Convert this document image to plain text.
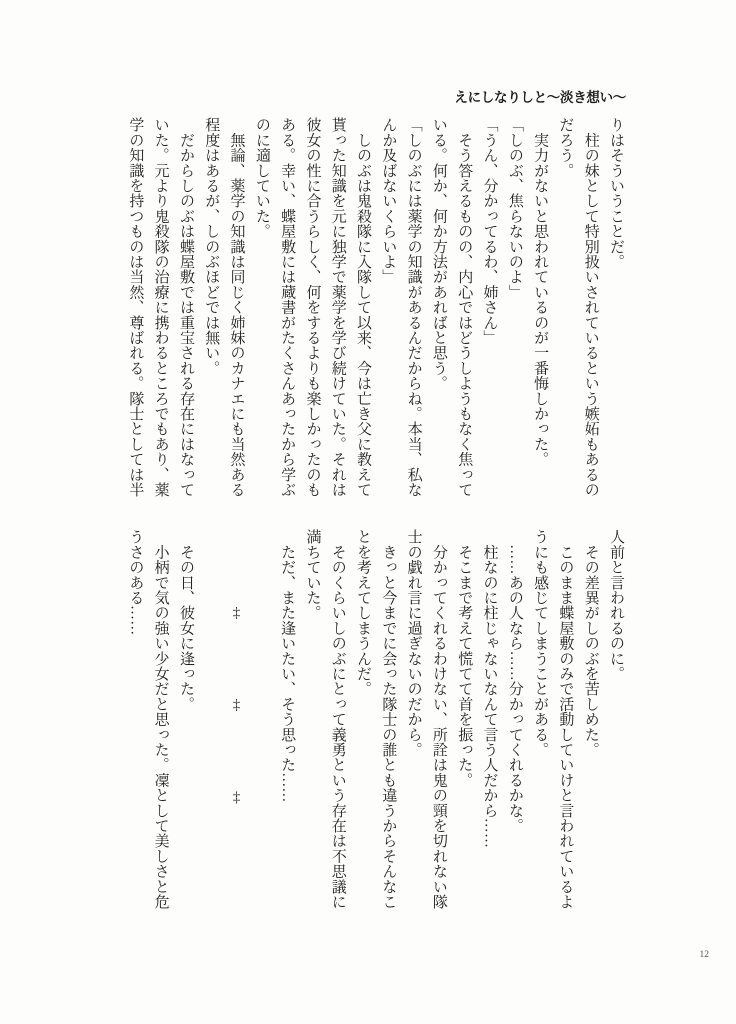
えにしなりしと～淡き想い～

りはそういうことだ。

　柱の妹として特別扱いされているという嫉妬もあるの

だろう。

　実力がないと思われているのが一番悔しかった。

「しのぶ、焦らないのよ」

「うん、分かってるわ、姉さん」

　そう答えるものの、内心ではどうしようもなく焦って

いる。何か、何か方法があればと思う。

「しのぶには薬学の知識があるんだからね。本当、私な

んか及ばないくらいよ」

　しのぶは鬼殺隊に入隊して以来、今は亡き父に教えて

貰った知識を元に独学で薬学を学び続けていた。それは

彼女の性に合うらしく、何をするよりも楽しかったのも

ある。幸い、蝶屋敷には蔵書がたくさんあったから学ぶ

のに適していた。

　無論、薬学の知識は同じく姉妹のカナエにも当然ある

程度はあるが、しのぶほどでは無い。

　だからしのぶは蝶屋敷では重宝される存在にはなって

いた。元より鬼殺隊の治療に携わるところでもあり、薬

学の知識を持つものは当然、尊ばれる。隊士としては半

人前と言われるのに。

　その差異がしのぶを苦しめた。

　このまま蝶屋敷のみで活動していけと言われているよ

うにも感じてしまうことがある。

　……あの人なら……分かってくれるかな。

　柱なのに柱じゃないなんて言う人だから……

　そこまで考えて慌てて首を振った。

　分かってくれるわけない、所詮は鬼の頸を切れない隊

士の戯れ言に過ぎないのだから。

　きっと今までに会った隊士の誰とも違うからそんなこ

とを考えてしまうんだ。

　そのくらいしのぶにとって義勇という存在は不思議に

満ちていた。

　ただ、また逢いたい、そう思った……

　　　　　‡　　　　　‡　　　　　‡

　その日、彼女に逢った。

　小柄で気の強い少女だと思った。凜として美しさと危

うさのある……

12
